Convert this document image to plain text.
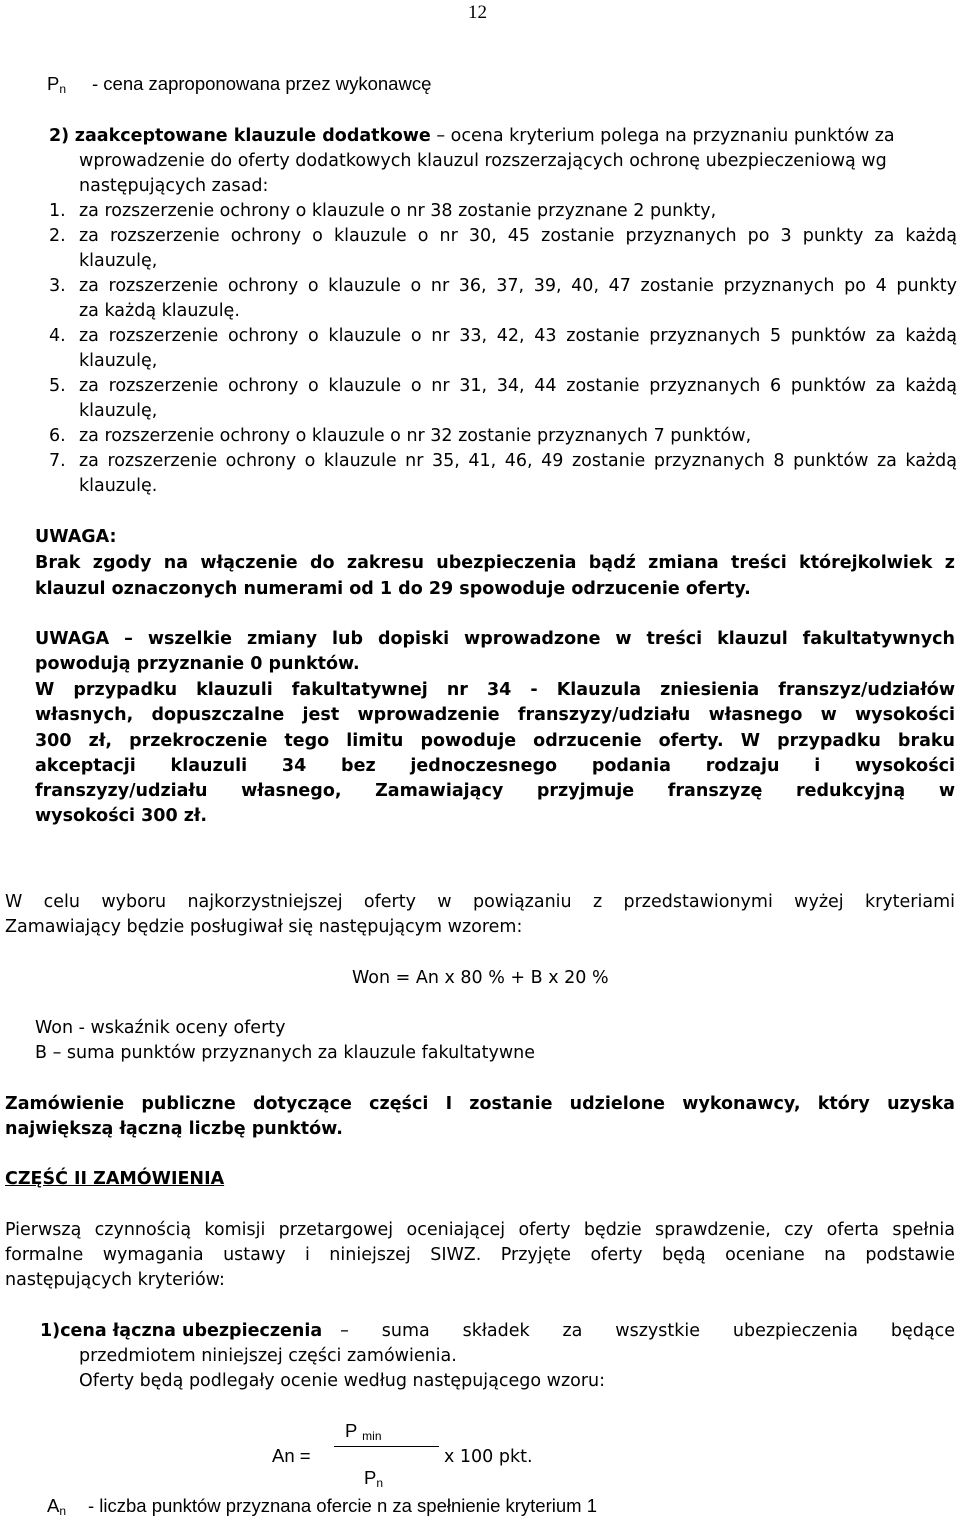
12
$P_n$ - cena zaproponowana przez wykonawcę
2) zaakceptowane klauzule dodatkowe – ocena kryterium polega na przyznaniu punktów za
wprowadzenie do oferty dodatkowych klauzul rozszerzających ochronę ubezpieczeniową wg
następujących zasad:
1. za rozszerzenie ochrony o klauzule o nr 38 zostanie przyznane 2 punkty,
2. za rozszerzenie ochrony o klauzule o nr 30, 45 zostanie przyznanych po 3 punkty za każdą
klauzulę,
3. za rozszerzenie ochrony o klauzule o nr 36, 37, 39, 40, 47 zostanie przyznanych po 4 punkty
za każdą klauzulę.
4. za rozszerzenie ochrony o klauzule o nr 33, 42, 43 zostanie przyznanych 5 punktów za każdą
klauzulę,
5. za rozszerzenie ochrony o klauzule o nr 31, 34, 44 zostanie przyznanych 6 punktów za każdą
klauzulę,
6. za rozszerzenie ochrony o klauzule o nr 32 zostanie przyznanych 7 punktów,
7. za rozszerzenie ochrony o klauzule nr 35, 41, 46, 49 zostanie przyznanych 8 punktów za każdą
klauzulę.
UWAGA:
Brak zgody na włączenie do zakresu ubezpieczenia bądź zmiana treści którejkolwiek z
klauzul oznaczonych numerami od 1 do 29 spowoduje odrzucenie oferty.
UWAGA – wszelkie zmiany lub dopiski wprowadzone w treści klauzul fakultatywnych
powodują przyznanie 0 punktów.
W przypadku klauzuli fakultatywnej nr 34 - Klauzula zniesienia franszyz/udziałów
własnych, dopuszczalne jest wprowadzenie franszyzy/udziału własnego w wysokości
300 zł, przekroczenie tego limitu powoduje odrzucenie oferty. W przypadku braku
akceptacji klauzuli 34 bez jednoczesnego podania rodzaju i wysokości
franszyzy/udziału własnego, Zamawiający przyjmuje franszyzę redukcyjną w
wysokości 300 zł.
W celu wyboru najkorzystniejszej oferty w powiązaniu z przedstawionymi wyżej kryteriami
Zamawiający będzie posługiwał się następującym wzorem:
Won = An x 80 % + B x 20 %
Won - wskaźnik oceny oferty
B – suma punktów przyznanych za klauzule fakultatywne
Zamówienie publiczne dotyczące części I zostanie udzielone wykonawcy, który uzyska
największą łączną liczbę punktów.
CZĘŚĆ II ZAMÓWIENIA
Pierwszą czynnością komisji przetargowej oceniającej oferty będzie sprawdzenie, czy oferta spełnia
formalne wymagania ustawy i niniejszej SIWZ. Przyjęte oferty będą oceniane na podstawie
następujących kryteriów:
1) cena łączna ubezpieczenia – suma składek za wszystkie ubezpieczenia będące
przedmiotem niniejszej części zamówienia.
Oferty będą podlegały ocenie według następującego wzoru:
An =
P $_{min}$
$P_n$
x 100 pkt.
$A_n$ - liczba punktów przyznana ofercie n za spełnienie kryterium 1
